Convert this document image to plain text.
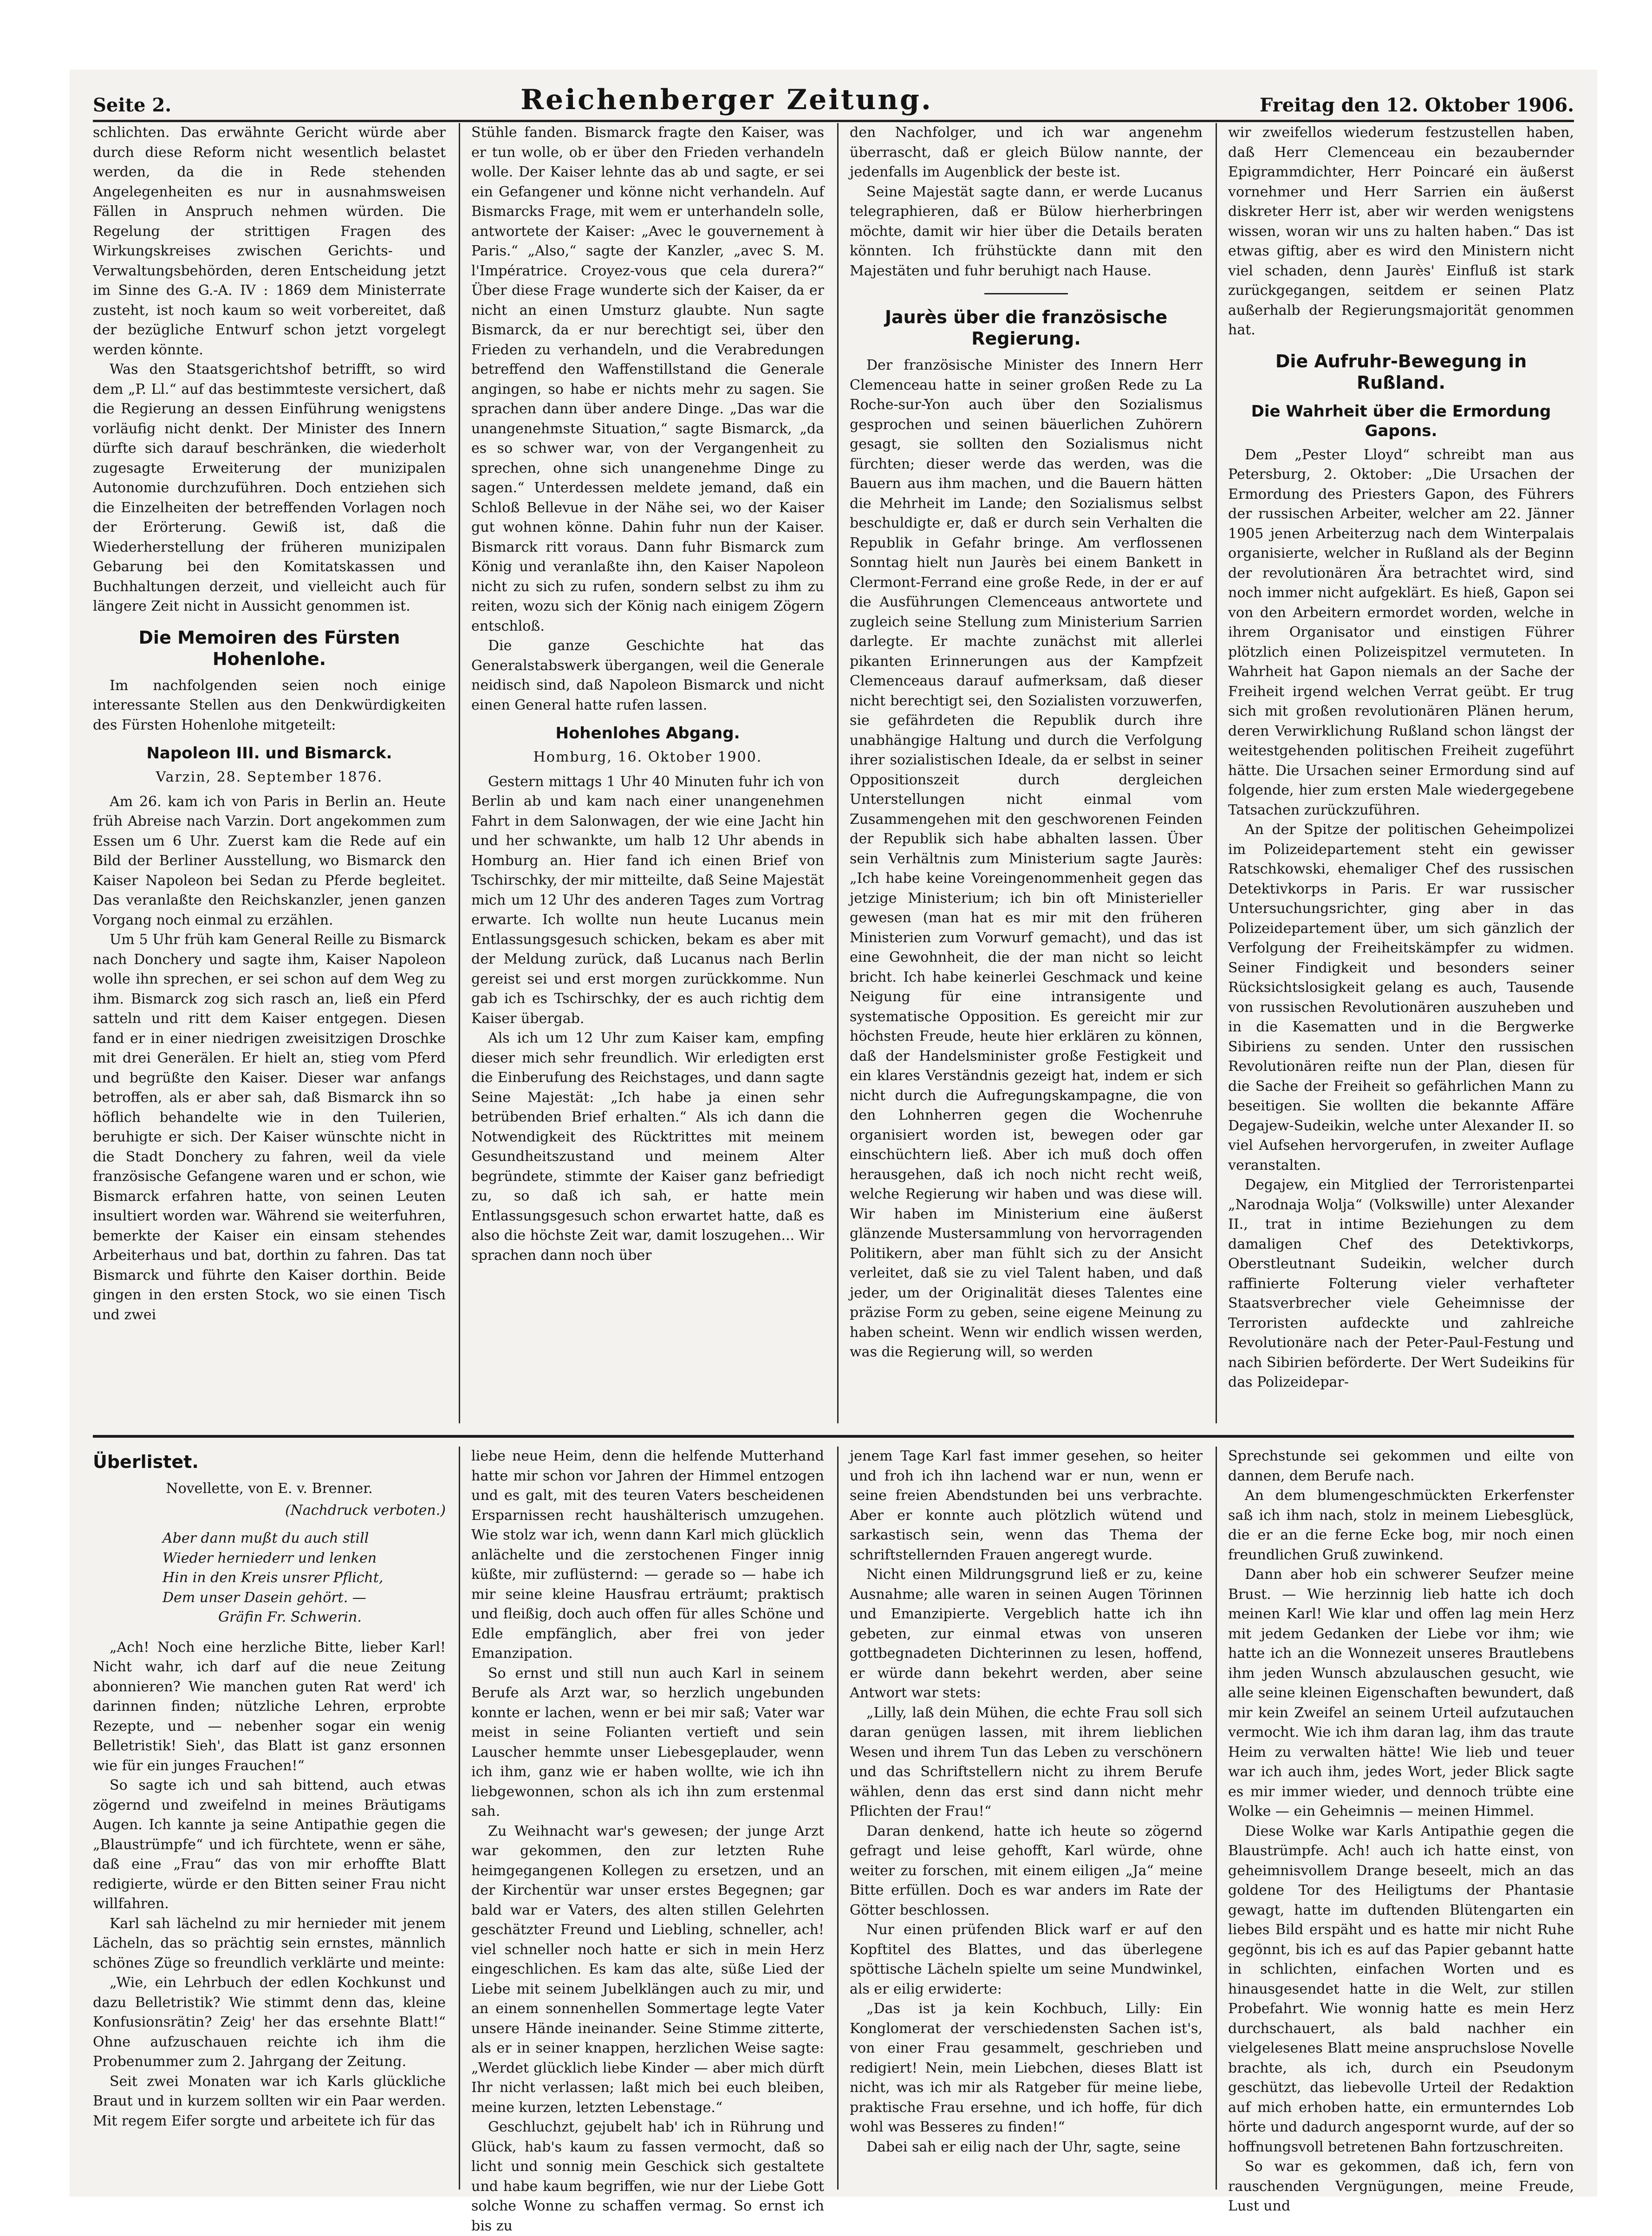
Seite 2.	Reichenberger Zeitung.	Freitag den 12. Oktober 1906.

schlichten. Das erwähnte Gericht würde aber durch diese Reform nicht wesentlich belastet werden, da die in Rede stehenden Angelegenheiten es nur in ausnahmsweisen Fällen in Anspruch nehmen würden. Die Regelung der strittigen Fragen des Wirkungskreises zwischen Gerichts- und Verwaltungsbehörden, deren Entscheidung jetzt im Sinne des G.-A. IV : 1869 dem Ministerrate zusteht, ist noch kaum so weit vorbereitet, daß der bezügliche Entwurf schon jetzt vorgelegt werden könnte.

Was den Staatsgerichtshof betrifft, so wird dem „P. Ll.“ auf das bestimmteste versichert, daß die Regierung an dessen Einführung wenigstens vorläufig nicht denkt. Der Minister des Innern dürfte sich darauf beschränken, die wiederholt zugesagte Erweiterung der munizipalen Autonomie durchzuführen. Doch entziehen sich die Einzelheiten der betreffenden Vorlagen noch der Erörterung. Gewiß ist, daß die Wiederherstellung der früheren munizipalen Gebarung bei den Komitatskassen und Buchhaltungen derzeit, und vielleicht auch für längere Zeit nicht in Aussicht genommen ist.

Die Memoiren des Fürsten Hohenlohe.

Im nachfolgenden seien noch einige interessante Stellen aus den Denkwürdigkeiten des Fürsten Hohenlohe mitgeteilt:

Napoleon III. und Bismarck.
Varzin, 28. September 1876.

Am 26. kam ich von Paris in Berlin an. Heute früh Abreise nach Varzin. Dort angekommen zum Essen um 6 Uhr. Zuerst kam die Rede auf ein Bild der Berliner Ausstellung, wo Bismarck den Kaiser Napoleon bei Sedan zu Pferde begleitet. Das veranlaßte den Reichskanzler, jenen ganzen Vorgang noch einmal zu erzählen.

Um 5 Uhr früh kam General Reille zu Bismarck nach Donchery und sagte ihm, Kaiser Napoleon wolle ihn sprechen, er sei schon auf dem Weg zu ihm. Bismarck zog sich rasch an, ließ ein Pferd satteln und ritt dem Kaiser entgegen. Diesen fand er in einer niedrigen zweisitzigen Droschke mit drei Generälen. Er hielt an, stieg vom Pferd und begrüßte den Kaiser. Dieser war anfangs betroffen, als er aber sah, daß Bismarck ihn so höflich behandelte wie in den Tuilerien, beruhigte er sich. Der Kaiser wünschte nicht in die Stadt Donchery zu fahren, weil da viele französische Gefangene waren und er schon, wie Bismarck erfahren hatte, von seinen Leuten insultiert worden war. Während sie weiterfuhren, bemerkte der Kaiser ein einsam stehendes Arbeiterhaus und bat, dorthin zu fahren. Das tat Bismarck und führte den Kaiser dorthin. Beide gingen in den ersten Stock, wo sie einen Tisch und zwei

Stühle fanden. Bismarck fragte den Kaiser, was er tun wolle, ob er über den Frieden verhandeln wolle. Der Kaiser lehnte das ab und sagte, er sei ein Gefangener und könne nicht verhandeln. Auf Bismarcks Frage, mit wem er unterhandeln solle, antwortete der Kaiser: „Avec le gouvernement à Paris.“ „Also,“ sagte der Kanzler, „avec S. M. l'Impératrice. Croyez-vous que cela durera?“ Über diese Frage wunderte sich der Kaiser, da er nicht an einen Umsturz glaubte. Nun sagte Bismarck, da er nur berechtigt sei, über den Frieden zu verhandeln, und die Verabredungen betreffend den Waffenstillstand die Generale angingen, so habe er nichts mehr zu sagen. Sie sprachen dann über andere Dinge. „Das war die unangenehmste Situation,“ sagte Bismarck, „da es so schwer war, von der Vergangenheit zu sprechen, ohne sich unangenehme Dinge zu sagen.“ Unterdessen meldete jemand, daß ein Schloß Bellevue in der Nähe sei, wo der Kaiser gut wohnen könne. Dahin fuhr nun der Kaiser. Bismarck ritt voraus. Dann fuhr Bismarck zum König und veranlaßte ihn, den Kaiser Napoleon nicht zu sich zu rufen, sondern selbst zu ihm zu reiten, wozu sich der König nach einigem Zögern entschloß.

Die ganze Geschichte hat das Generalstabswerk übergangen, weil die Generale neidisch sind, daß Napoleon Bismarck und nicht einen General hatte rufen lassen.

Hohenlohes Abgang.
Homburg, 16. Oktober 1900.

Gestern mittags 1 Uhr 40 Minuten fuhr ich von Berlin ab und kam nach einer unangenehmen Fahrt in dem Salonwagen, der wie eine Jacht hin und her schwankte, um halb 12 Uhr abends in Homburg an. Hier fand ich einen Brief von Tschirschky, der mir mitteilte, daß Seine Majestät mich um 12 Uhr des anderen Tages zum Vortrag erwarte. Ich wollte nun heute Lucanus mein Entlassungsgesuch schicken, bekam es aber mit der Meldung zurück, daß Lucanus nach Berlin gereist sei und erst morgen zurückkomme. Nun gab ich es Tschirschky, der es auch richtig dem Kaiser übergab.

Als ich um 12 Uhr zum Kaiser kam, empfing dieser mich sehr freundlich. Wir erledigten erst die Einberufung des Reichstages, und dann sagte Seine Majestät: „Ich habe ja einen sehr betrübenden Brief erhalten.“ Als ich dann die Notwendigkeit des Rücktrittes mit meinem Gesundheitszustand und meinem Alter begründete, stimmte der Kaiser ganz befriedigt zu, so daß ich sah, er hatte mein Entlassungsgesuch schon erwartet hatte, daß es also die höchste Zeit war, damit loszugehen... Wir sprachen dann noch über

den Nachfolger, und ich war angenehm überrascht, daß er gleich Bülow nannte, der jedenfalls im Augenblick der beste ist.

Seine Majestät sagte dann, er werde Lucanus telegraphieren, daß er Bülow hierherbringen möchte, damit wir hier über die Details beraten könnten. Ich frühstückte dann mit den Majestäten und fuhr beruhigt nach Hause.

Jaurès über die französische Regierung.

Der französische Minister des Innern Herr Clemenceau hatte in seiner großen Rede zu La Roche-sur-Yon auch über den Sozialismus gesprochen und seinen bäuerlichen Zuhörern gesagt, sie sollten den Sozialismus nicht fürchten; dieser werde das werden, was die Bauern aus ihm machen, und die Bauern hätten die Mehrheit im Lande; den Sozialismus selbst beschuldigte er, daß er durch sein Verhalten die Republik in Gefahr bringe. Am verflossenen Sonntag hielt nun Jaurès bei einem Bankett in Clermont-Ferrand eine große Rede, in der er auf die Ausführungen Clemenceaus antwortete und zugleich seine Stellung zum Ministerium Sarrien darlegte. Er machte zunächst mit allerlei pikanten Erinnerungen aus der Kampfzeit Clemenceaus darauf aufmerksam, daß dieser nicht berechtigt sei, den Sozialisten vorzuwerfen, sie gefährdeten die Republik durch ihre unabhängige Haltung und durch die Verfolgung ihrer sozialistischen Ideale, da er selbst in seiner Oppositionszeit durch dergleichen Unterstellungen nicht einmal vom Zusammengehen mit den geschworenen Feinden der Republik sich habe abhalten lassen. Über sein Verhältnis zum Ministerium sagte Jaurès: „Ich habe keine Voreingenommenheit gegen das jetzige Ministerium; ich bin oft Ministerieller gewesen (man hat es mir mit den früheren Ministerien zum Vorwurf gemacht), und das ist eine Gewohnheit, die der man nicht so leicht bricht. Ich habe keinerlei Geschmack und keine Neigung für eine intransigente und systematische Opposition. Es gereicht mir zur höchsten Freude, heute hier erklären zu können, daß der Handelsminister große Festigkeit und ein klares Verständnis gezeigt hat, indem er sich nicht durch die Aufregungskampagne, die von den Lohnherren gegen die Wochenruhe organisiert worden ist, bewegen oder gar einschüchtern ließ. Aber ich muß doch offen herausgehen, daß ich noch nicht recht weiß, welche Regierung wir haben und was diese will. Wir haben im Ministerium eine äußerst glänzende Mustersammlung von hervorragenden Politikern, aber man fühlt sich zu der Ansicht verleitet, daß sie zu viel Talent haben, und daß jeder, um der Originalität dieses Talentes eine präzise Form zu geben, seine eigene Meinung zu haben scheint. Wenn wir endlich wissen werden, was die Regierung will, so werden

wir zweifellos wiederum festzustellen haben, daß Herr Clemenceau ein bezaubernder Epigrammdichter, Herr Poincaré ein äußerst vornehmer und Herr Sarrien ein äußerst diskreter Herr ist, aber wir werden wenigstens wissen, woran wir uns zu halten haben.“ Das ist etwas giftig, aber es wird den Ministern nicht viel schaden, denn Jaurès' Einfluß ist stark zurückgegangen, seitdem er seinen Platz außerhalb der Regierungsmajorität genommen hat.

Die Aufruhr-Bewegung in Rußland.
Die Wahrheit über die Ermordung Gapons.

Dem „Pester Lloyd“ schreibt man aus Petersburg, 2. Oktober: „Die Ursachen der Ermordung des Priesters Gapon, des Führers der russischen Arbeiter, welcher am 22. Jänner 1905 jenen Arbeiterzug nach dem Winterpalais organisierte, welcher in Rußland als der Beginn der revolutionären Ära betrachtet wird, sind noch immer nicht aufgeklärt. Es hieß, Gapon sei von den Arbeitern ermordet worden, welche in ihrem Organisator und einstigen Führer plötzlich einen Polizeispitzel vermuteten. In Wahrheit hat Gapon niemals an der Sache der Freiheit irgend welchen Verrat geübt. Er trug sich mit großen revolutionären Plänen herum, deren Verwirklichung Rußland schon längst der weitestgehenden politischen Freiheit zugeführt hätte. Die Ursachen seiner Ermordung sind auf folgende, hier zum ersten Male wiedergegebene Tatsachen zurückzuführen.

An der Spitze der politischen Geheimpolizei im Polizeidepartement steht ein gewisser Ratschkowski, ehemaliger Chef des russischen Detektivkorps in Paris. Er war russischer Untersuchungsrichter, ging aber in das Polizeidepartement über, um sich gänzlich der Verfolgung der Freiheitskämpfer zu widmen. Seiner Findigkeit und besonders seiner Rücksichtslosigkeit gelang es auch, Tausende von russischen Revolutionären auszuheben und in die Kasematten und in die Bergwerke Sibiriens zu senden. Unter den russischen Revolutionären reifte nun der Plan, diesen für die Sache der Freiheit so gefährlichen Mann zu beseitigen. Sie wollten die bekannte Affäre Degajew-Sudeikin, welche unter Alexander II. so viel Aufsehen hervorgerufen, in zweiter Auflage veranstalten.

Degajew, ein Mitglied der Terroristenpartei „Narodnaja Wolja“ (Volkswille) unter Alexander II., trat in intime Beziehungen zu dem damaligen Chef des Detektivkorps, Oberstleutnant Sudeikin, welcher durch raffinierte Folterung vieler verhafteter Staatsverbrecher viele Geheimnisse der Terroristen aufdeckte und zahlreiche Revolutionäre nach der Peter-Paul-Festung und nach Sibirien beförderte. Der Wert Sudeikins für das Polizeidepar-

Überlistet.
Novellette, von E. v. Brenner.
(Nachdruck verboten.)

Aber dann mußt du auch still
Wieder herniederr und lenken
Hin in den Kreis unsrer Pflicht,
Dem unser Dasein gehört. —
Gräfin Fr. Schwerin.

„Ach! Noch eine herzliche Bitte, lieber Karl! Nicht wahr, ich darf auf die neue Zeitung abonnieren? Wie manchen guten Rat werd' ich darinnen finden; nützliche Lehren, erprobte Rezepte, und — nebenher sogar ein wenig Belletristik! Sieh', das Blatt ist ganz ersonnen wie für ein junges Frauchen!“

So sagte ich und sah bittend, auch etwas zögernd und zweifelnd in meines Bräutigams Augen. Ich kannte ja seine Antipathie gegen die „Blaustrümpfe“ und ich fürchtete, wenn er sähe, daß eine „Frau“ das von mir erhoffte Blatt redigierte, würde er den Bitten seiner Frau nicht willfahren.

Karl sah lächelnd zu mir hernieder mit jenem Lächeln, das so prächtig sein ernstes, männlich schönes Züge so freundlich verklärte und meinte:

„Wie, ein Lehrbuch der edlen Kochkunst und dazu Belletristik? Wie stimmt denn das, kleine Konfusionsrätin? Zeig' her das ersehnte Blatt!“ Ohne aufzuschauen reichte ich ihm die Probenummer zum 2. Jahrgang der Zeitung.

Seit zwei Monaten war ich Karls glückliche Braut und in kurzem sollten wir ein Paar werden. Mit regem Eifer sorgte und arbeitete ich für das

liebe neue Heim, denn die helfende Mutterhand hatte mir schon vor Jahren der Himmel entzogen und es galt, mit des teuren Vaters bescheidenen Ersparnissen recht haushälterisch umzugehen. Wie stolz war ich, wenn dann Karl mich glücklich anlächelte und die zerstochenen Finger innig küßte, mir zuflüsternd: — gerade so — habe ich mir seine kleine Hausfrau erträumt; praktisch und fleißig, doch auch offen für alles Schöne und Edle empfänglich, aber frei von jeder Emanzipation.

So ernst und still nun auch Karl in seinem Berufe als Arzt war, so herzlich ungebunden konnte er lachen, wenn er bei mir saß; Vater war meist in seine Folianten vertieft und sein Lauscher hemmte unser Liebesgeplauder, wenn ich ihm, ganz wie er haben wollte, wie ich ihn liebgewonnen, schon als ich ihn zum erstenmal sah.

Zu Weihnacht war's gewesen; der junge Arzt war gekommen, den zur letzten Ruhe heimgegangenen Kollegen zu ersetzen, und an der Kirchentür war unser erstes Begegnen; gar bald war er Vaters, des alten stillen Gelehrten geschätzter Freund und Liebling, schneller, ach! viel schneller noch hatte er sich in mein Herz eingeschlichen. Es kam das alte, süße Lied der Liebe mit seinem Jubelklängen auch zu mir, und an einem sonnenhellen Sommertage legte Vater unsere Hände ineinander. Seine Stimme zitterte, als er in seiner knappen, herzlichen Weise sagte: „Werdet glücklich liebe Kinder — aber mich dürft Ihr nicht verlassen; laßt mich bei euch bleiben, meine kurzen, letzten Lebenstage.“

Geschluchzt, gejubelt hab' ich in Rührung und Glück, hab's kaum zu fassen vermocht, daß so licht und sonnig mein Geschick sich gestaltete und habe kaum begriffen, wie nur der Liebe Gott solche Wonne zu schaffen vermag. So ernst ich bis zu

jenem Tage Karl fast immer gesehen, so heiter und froh ich ihn lachend war er nun, wenn er seine freien Abendstunden bei uns verbrachte. Aber er konnte auch plötzlich wütend und sarkastisch sein, wenn das Thema der schriftstellernden Frauen angeregt wurde.

Nicht einen Mildrungsgrund ließ er zu, keine Ausnahme; alle waren in seinen Augen Törinnen und Emanzipierte. Vergeblich hatte ich ihn gebeten, zur einmal etwas von unseren gottbegnadeten Dichterinnen zu lesen, hoffend, er würde dann bekehrt werden, aber seine Antwort war stets:

„Lilly, laß dein Mühen, die echte Frau soll sich daran genügen lassen, mit ihrem lieblichen Wesen und ihrem Tun das Leben zu verschönern und das Schriftstellern nicht zu ihrem Berufe wählen, denn das erst sind dann nicht mehr Pflichten der Frau!“

Daran denkend, hatte ich heute so zögernd gefragt und leise gehofft, Karl würde, ohne weiter zu forschen, mit einem eiligen „Ja“ meine Bitte erfüllen. Doch es war anders im Rate der Götter beschlossen.

Nur einen prüfenden Blick warf er auf den Kopftitel des Blattes, und das überlegene spöttische Lächeln spielte um seine Mundwinkel, als er eilig erwiderte:

„Das ist ja kein Kochbuch, Lilly: Ein Konglomerat der verschiedensten Sachen ist's, von einer Frau gesammelt, geschrieben und redigiert! Nein, mein Liebchen, dieses Blatt ist nicht, was ich mir als Ratgeber für meine liebe, praktische Frau ersehne, und ich hoffe, für dich wohl was Besseres zu finden!“

Dabei sah er eilig nach der Uhr, sagte, seine

Sprechstunde sei gekommen und eilte von dannen, dem Berufe nach.

An dem blumengeschmückten Erkerfenster saß ich ihm nach, stolz in meinem Liebesglück, die er an die ferne Ecke bog, mir noch einen freundlichen Gruß zuwinkend.

Dann aber hob ein schwerer Seufzer meine Brust. — Wie herzinnig lieb hatte ich doch meinen Karl! Wie klar und offen lag mein Herz mit jedem Gedanken der Liebe vor ihm; wie hatte ich an die Wonnezeit unseres Brautlebens ihm jeden Wunsch abzulauschen gesucht, wie alle seine kleinen Eigenschaften bewundert, daß mir kein Zweifel an seinem Urteil aufzutauchen vermocht. Wie ich ihm daran lag, ihm das traute Heim zu verwalten hätte! Wie lieb und teuer war ich auch ihm, jedes Wort, jeder Blick sagte es mir immer wieder, und dennoch trübte eine Wolke — ein Geheimnis — meinen Himmel.

Diese Wolke war Karls Antipathie gegen die Blaustrümpfe. Ach! auch ich hatte einst, von geheimnisvollem Drange beseelt, mich an das goldene Tor des Heiligtums der Phantasie gewagt, hatte im duftenden Blütengarten ein liebes Bild erspäht und es hatte mir nicht Ruhe gegönnt, bis ich es auf das Papier gebannt hatte in schlichten, einfachen Worten und es hinausgesendet hatte in die Welt, zur stillen Probefahrt. Wie wonnig hatte es mein Herz durchschauert, als bald nachher ein vielgelesenes Blatt meine anspruchslose Novelle brachte, als ich, durch ein Pseudonym geschützt, das liebevolle Urteil der Redaktion auf mich erhoben hatte, ein ermunterndes Lob hörte und dadurch angespornt wurde, auf der so hoffnungsvoll betretenen Bahn fortzuschreiten.

So war es gekommen, daß ich, fern von rauschenden Vergnügungen, meine Freude, Lust und
